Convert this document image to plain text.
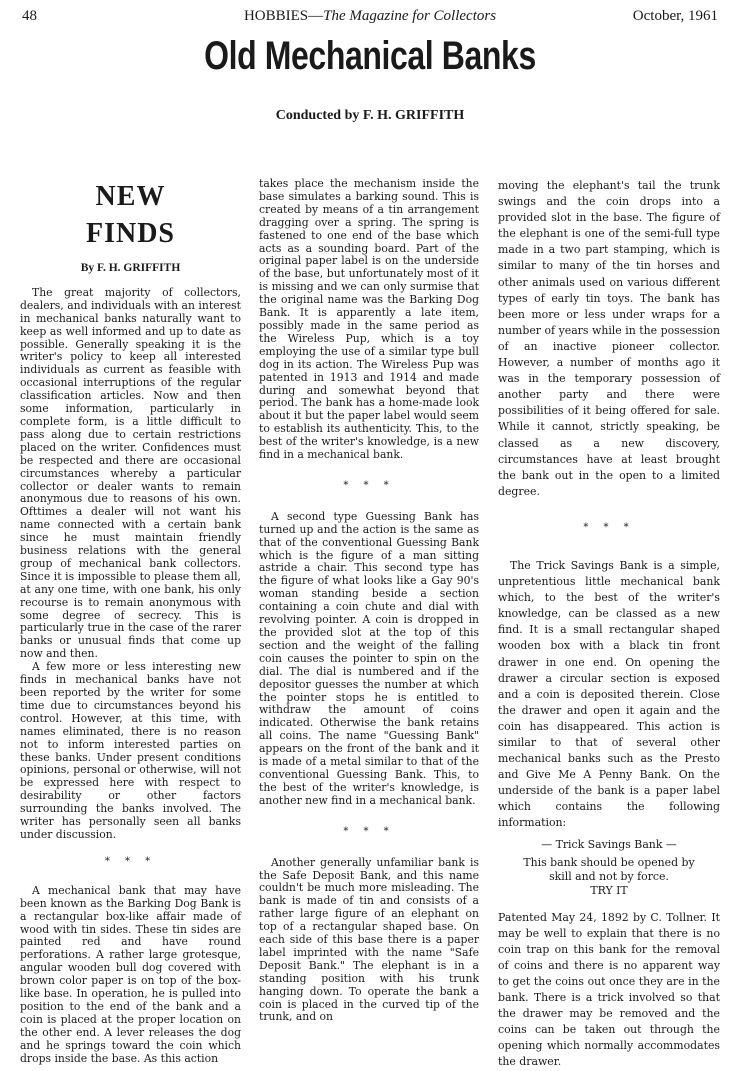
48	HOBBIES—The Magazine for Collectors	October, 1961
Old Mechanical Banks
Conducted by F. H. GRIFFITH
NEW
FINDS
By F. H. GRIFFITH

The great majority of collectors, dealers, and individuals with an interest in mechanical banks naturally want to keep as well informed and up to date as possible. Generally speaking it is the writer's policy to keep all interested individuals as current as feasible with occasional interruptions of the regular classification articles. Now and then some information, particularly in complete form, is a little difficult to pass along due to certain restrictions placed on the writer. Confidences must be respected and there are occasional circumstances whereby a particular collector or dealer wants to remain anonymous due to reasons of his own. Ofttimes a dealer will not want his name connected with a certain bank since he must maintain friendly business relations with the general group of mechanical bank collectors. Since it is impossible to please them all, at any one time, with one bank, his only recourse is to remain anonymous with some degree of secrecy. This is particularly true in the case of the rarer banks or unusual finds that come up now and then.

A few more or less interesting new finds in mechanical banks have not been reported by the writer for some time due to circumstances beyond his control. However, at this time, with names eliminated, there is no reason not to inform interested parties on these banks. Under present conditions opinions, personal or otherwise, will not be expressed here with respect to desirability or other factors surrounding the banks involved. The writer has personally seen all banks under discussion.

* * *

A mechanical bank that may have been known as the Barking Dog Bank is a rectangular box-like affair made of wood with tin sides. These tin sides are painted red and have round perforations. A rather large grotesque, angular wooden bull dog covered with brown color paper is on top of the box-like base. In operation, he is pulled into position to the end of the bank and a coin is placed at the proper location on the other end. A lever releases the dog and he springs toward the coin which drops inside the base. As this action

takes place the mechanism inside the base simulates a barking sound. This is created by means of a tin arrangement dragging over a spring. The spring is fastened to one end of the base which acts as a sounding board. Part of the original paper label is on the underside of the base, but unfortunately most of it is missing and we can only surmise that the original name was the Barking Dog Bank. It is apparently a late item, possibly made in the same period as the Wireless Pup, which is a toy employing the use of a similar type bull dog in its action. The Wireless Pup was patented in 1913 and 1914 and made during and somewhat beyond that period. The bank has a home-made look about it but the paper label would seem to establish its authenticity. This, to the best of the writer's knowledge, is a new find in a mechanical bank.

* * *

A second type Guessing Bank has turned up and the action is the same as that of the conventional Guessing Bank which is the figure of a man sitting astride a chair. This second type has the figure of what looks like a Gay 90's woman standing beside a section containing a coin chute and dial with revolving pointer. A coin is dropped in the provided slot at the top of this section and the weight of the falling coin causes the pointer to spin on the dial. The dial is numbered and if the depositor guesses the number at which the pointer stops he is entitled to withdraw the amount of coins indicated. Otherwise the bank retains all coins. The name "Guessing Bank" appears on the front of the bank and it is made of a metal similar to that of the conventional Guessing Bank. This, to the best of the writer's knowledge, is another new find in a mechanical bank.

* * *

Another generally unfamiliar bank is the Safe Deposit Bank, and this name couldn't be much more misleading. The bank is made of tin and consists of a rather large figure of an elephant on top of a rectangular shaped base. On each side of this base there is a paper label imprinted with the name "Safe Deposit Bank." The elephant is in a standing position with his trunk hanging down. To operate the bank a coin is placed in the curved tip of the trunk, and on

moving the elephant's tail the trunk swings and the coin drops into a provided slot in the base. The figure of the elephant is one of the semi-full type made in a two part stamping, which is similar to many of the tin horses and other animals used on various different types of early tin toys. The bank has been more or less under wraps for a number of years while in the possession of an inactive pioneer collector. However, a number of months ago it was in the temporary possession of another party and there were possibilities of it being offered for sale. While it cannot, strictly speaking, be classed as a new discovery, circumstances have at least brought the bank out in the open to a limited degree.

* * *

The Trick Savings Bank is a simple, unpretentious little mechanical bank which, to the best of the writer's knowledge, can be classed as a new find. It is a small rectangular shaped wooden box with a black tin front drawer in one end. On opening the drawer a circular section is exposed and a coin is deposited therein. Close the drawer and open it again and the coin has disappeared. This action is similar to that of several other mechanical banks such as the Presto and Give Me A Penny Bank. On the underside of the bank is a paper label which contains the following information:

— Trick Savings Bank —

This bank should be opened by

skill and not by force.

TRY IT

Patented May 24, 1892 by C. Tollner. It may be well to explain that there is no coin trap on this bank for the removal of coins and there is no apparent way to get the coins out once they are in the bank. There is a trick involved so that the drawer may be removed and the coins can be taken out through the opening which normally accommodates the drawer.
